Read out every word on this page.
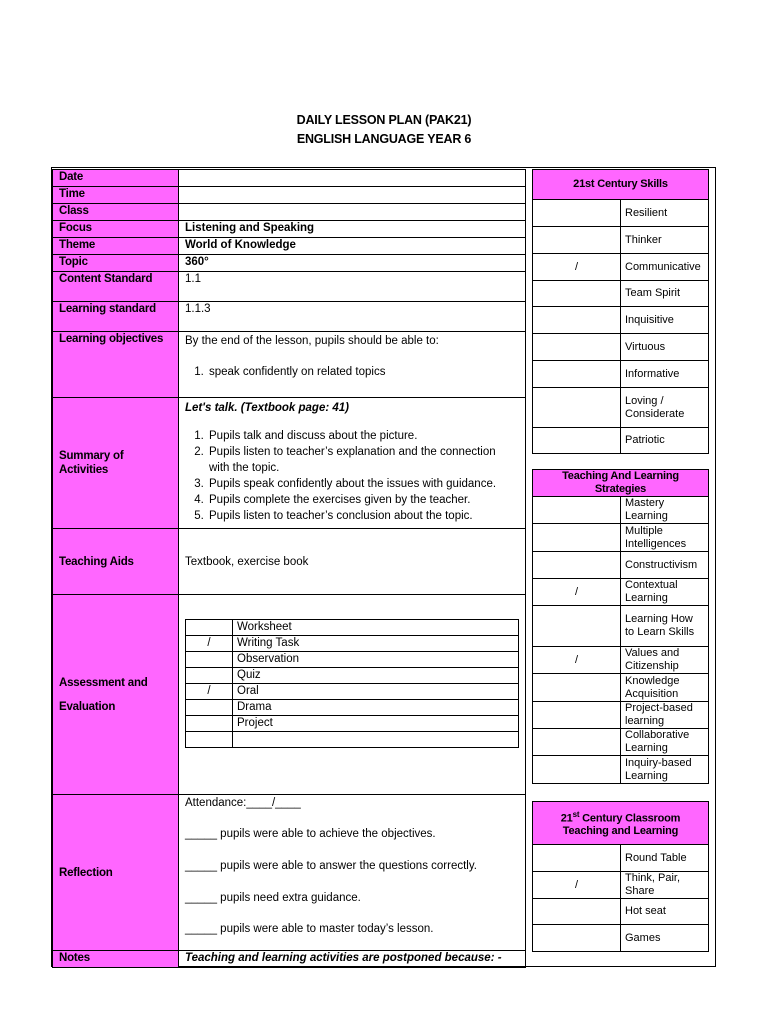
DAILY LESSON PLAN (PAK21)
ENGLISH LANGUAGE YEAR 6
Date	
Time	
Class	
Focus	Listening and Speaking
Theme	World of Knowledge
Topic	360°
Content Standard	1.1
Learning standard	1.1.3
Learning objectives	By the end of the lesson, pupils should be able to:

1. speak confidently on related topics

Summary of Activities	

Let's talk. (Textbook page: 41)

1. Pupils talk and discuss about the picture.
2. Pupils listen to teacher’s explanation and the connection with the topic.
3. Pupils speak confidently about the issues with guidance.
4. Pupils complete the exercises given by the teacher.
5. Pupils listen to teacher’s conclusion about the topic.

Teaching Aids	Textbook, exercise book

Assessment and
Evaluation

	Worksheet
/	Writing Task
	Observation
	Quiz
/	Oral
	Drama
	Project

Reflection	

Attendance:____/____

_____ pupils were able to achieve the objectives.

_____ pupils were able to answer the questions correctly.

_____ pupils need extra guidance.

_____ pupils were able to master today’s lesson.

Notes	Teaching and learning activities are postponed because: -
21st Century Skills	
	Resilient
	Thinker
/	Communicative
	Team Spirit
	Inquisitive
	Virtuous
	Informative
	Loving / Considerate
	Patriotic
Teaching And Learning Strategies	
	Mastery Learning
	Multiple Intelligences
	Constructivism
/	Contextual Learning
	Learning How to Learn Skills
/	Values and Citizenship
	Knowledge Acquisition
	Project-based learning
	Collaborative Learning
	Inquiry-based Learning
21st Century Classroom
Teaching and Learning	
	Round Table
/	Think, Pair, Share
	Hot seat
	Games
